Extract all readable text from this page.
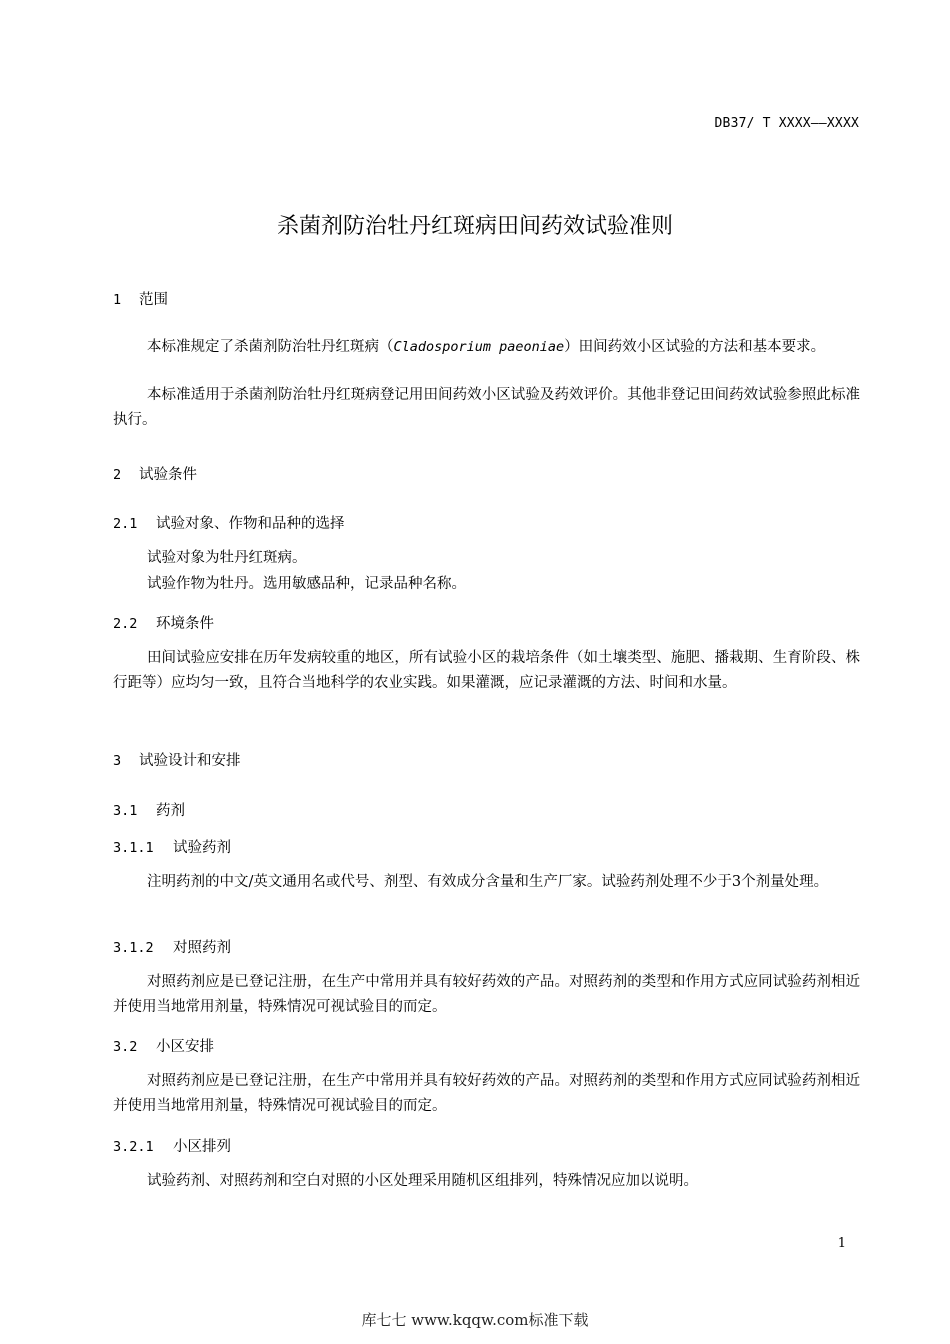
DB37/ T XXXX——XXXX
杀菌剂防治牡丹红斑病田间药效试验准则
1 范围
本标准规定了杀菌剂防治牡丹红斑病（Cladosporium paeoniae）田间药效小区试验的方法和基本要求。
本标准适用于杀菌剂防治牡丹红斑病登记用田间药效小区试验及药效评价。其他非登记田间药效试验参照此标准执行。
2 试验条件
2.1 试验对象、作物和品种的选择
试验对象为牡丹红斑病。
试验作物为牡丹。选用敏感品种，记录品种名称。
2.2 环境条件
田间试验应安排在历年发病较重的地区，所有试验小区的栽培条件（如土壤类型、施肥、播栽期、生育阶段、株行距等）应均匀一致，且符合当地科学的农业实践。如果灌溉，应记录灌溉的方法、时间和水量。
3 试验设计和安排
3.1 药剂
3.1.1 试验药剂
注明药剂的中文/英文通用名或代号、剂型、有效成分含量和生产厂家。试验药剂处理不少于3个剂量处理。
3.1.2 对照药剂
对照药剂应是已登记注册，在生产中常用并具有较好药效的产品。对照药剂的类型和作用方式应同试验药剂相近并使用当地常用剂量，特殊情况可视试验目的而定。
3.2 小区安排
对照药剂应是已登记注册，在生产中常用并具有较好药效的产品。对照药剂的类型和作用方式应同试验药剂相近并使用当地常用剂量，特殊情况可视试验目的而定。
3.2.1 小区排列
试验药剂、对照药剂和空白对照的小区处理采用随机区组排列，特殊情况应加以说明。
1
库七七 www.kqqw.com标准下载
